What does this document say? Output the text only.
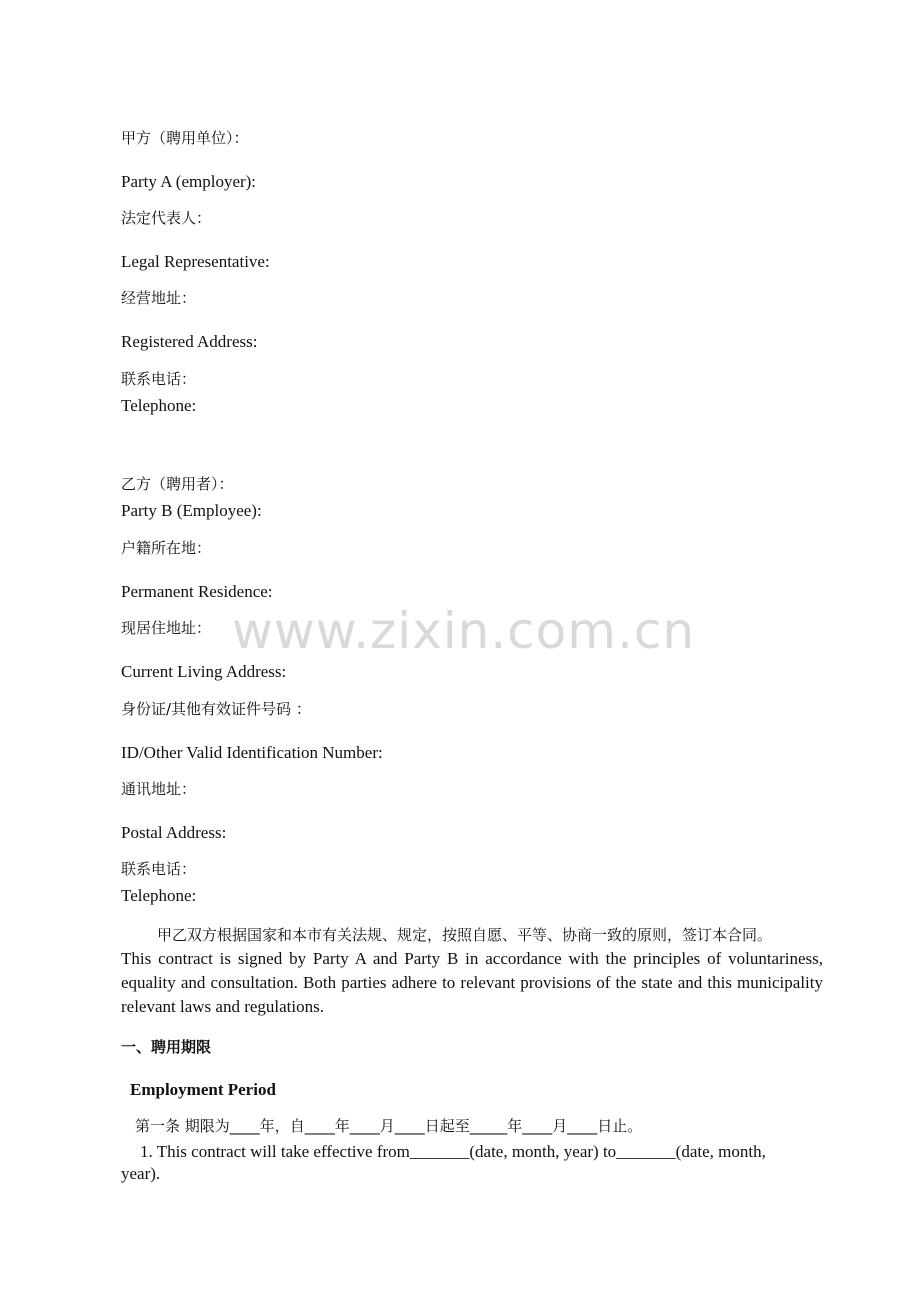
www.zixin.com.cn
甲方（聘用单位）：
Party A (employer):
法定代表人：
Legal Representative:
经营地址：
Registered Address:
联系电话：
Telephone:
乙方（聘用者）：
Party B (Employee):
户籍所在地：
Permanent Residence:
现居住地址：
Current Living Address:
身份证/其他有效证件号码 ：
ID/Other Valid Identification Number:
通讯地址：
Postal Address:
联系电话：
Telephone:
甲乙双方根据国家和本市有关法规、规定，按照自愿、平等、协商一致的原则，签订本合同。
This contract is signed by Party A and Party B in accordance with the principles of voluntariness, equality and consultation. Both parties adhere to relevant provisions of the state and this municipality relevant laws and regulations.
一、聘用期限
Employment Period
第一条 期限为____年，自____年____月____日起至_____年____月____日止。
1. This contract will take effective from_______(date, month, year) to_______(date, month,
year).
